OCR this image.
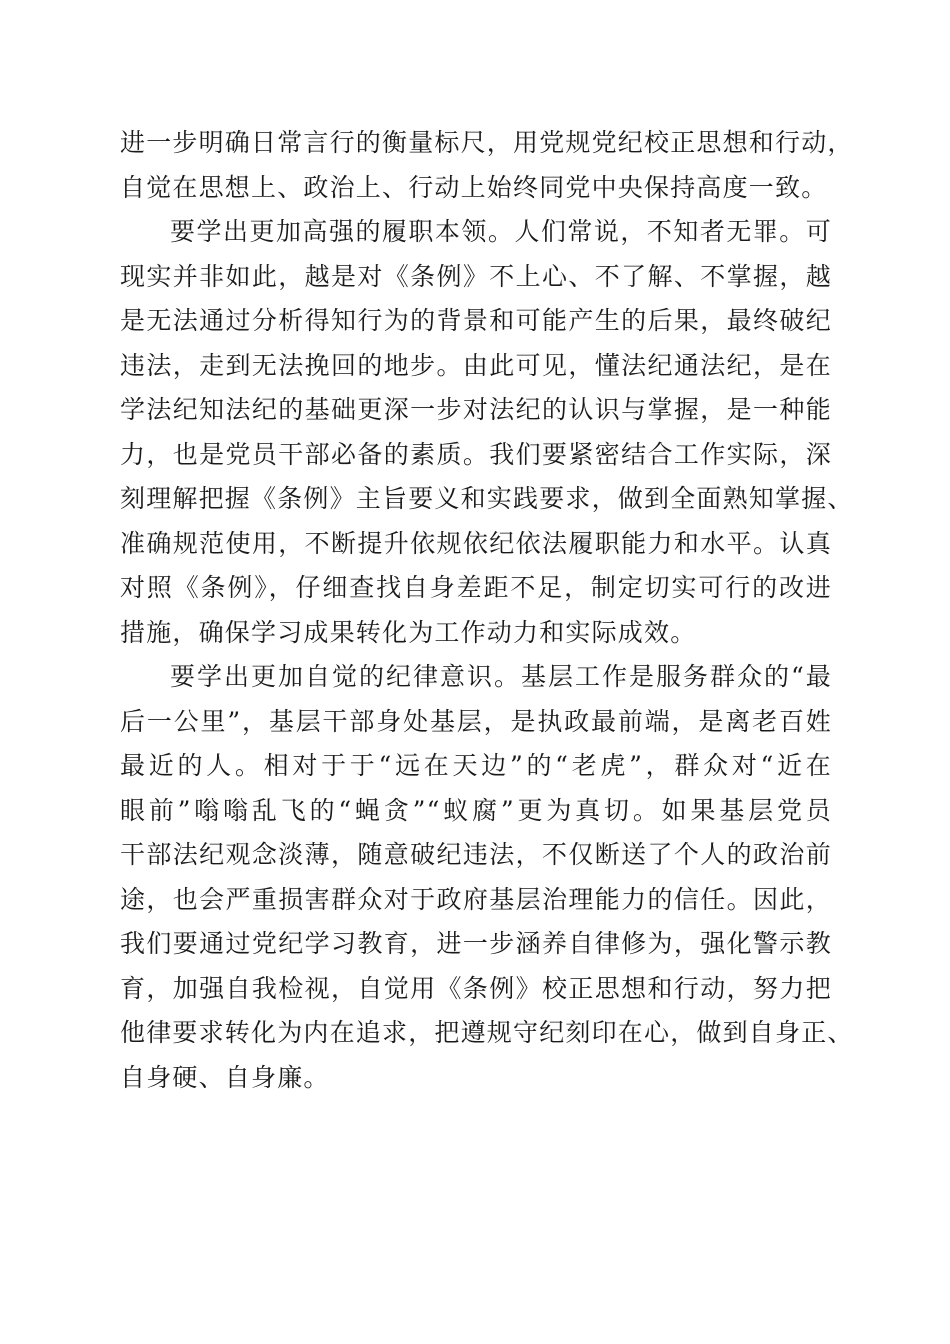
进一步明确日常言行的衡量标尺，用党规党纪校正思想和行动，
自觉在思想上、政治上、行动上始终同党中央保持高度一致。
要学出更加高强的履职本领。人们常说，不知者无罪。可
现实并非如此，越是对《条例》不上心、不了解、不掌握，越
是无法通过分析得知行为的背景和可能产生的后果，最终破纪
违法，走到无法挽回的地步。由此可见，懂法纪通法纪，是在
学法纪知法纪的基础更深一步对法纪的认识与掌握，是一种能
力，也是党员干部必备的素质。我们要紧密结合工作实际，深
刻理解把握《条例》主旨要义和实践要求，做到全面熟知掌握、
准确规范使用，不断提升依规依纪依法履职能力和水平。认真
对照《条例》，仔细查找自身差距不足，制定切实可行的改进
措施，确保学习成果转化为工作动力和实际成效。
要学出更加自觉的纪律意识。基层工作是服务群众的“最
后一公里”，基层干部身处基层，是执政最前端，是离老百姓
最近的人。相对于于“远在天边”的“老虎”，群众对“近在
眼前”嗡嗡乱飞的“蝇贪”“蚁腐”更为真切。如果基层党员
干部法纪观念淡薄，随意破纪违法，不仅断送了个人的政治前
途，也会严重损害群众对于政府基层治理能力的信任。因此，
我们要通过党纪学习教育，进一步涵养自律修为，强化警示教
育，加强自我检视，自觉用《条例》校正思想和行动，努力把
他律要求转化为内在追求，把遵规守纪刻印在心，做到自身正、
自身硬、自身廉。
